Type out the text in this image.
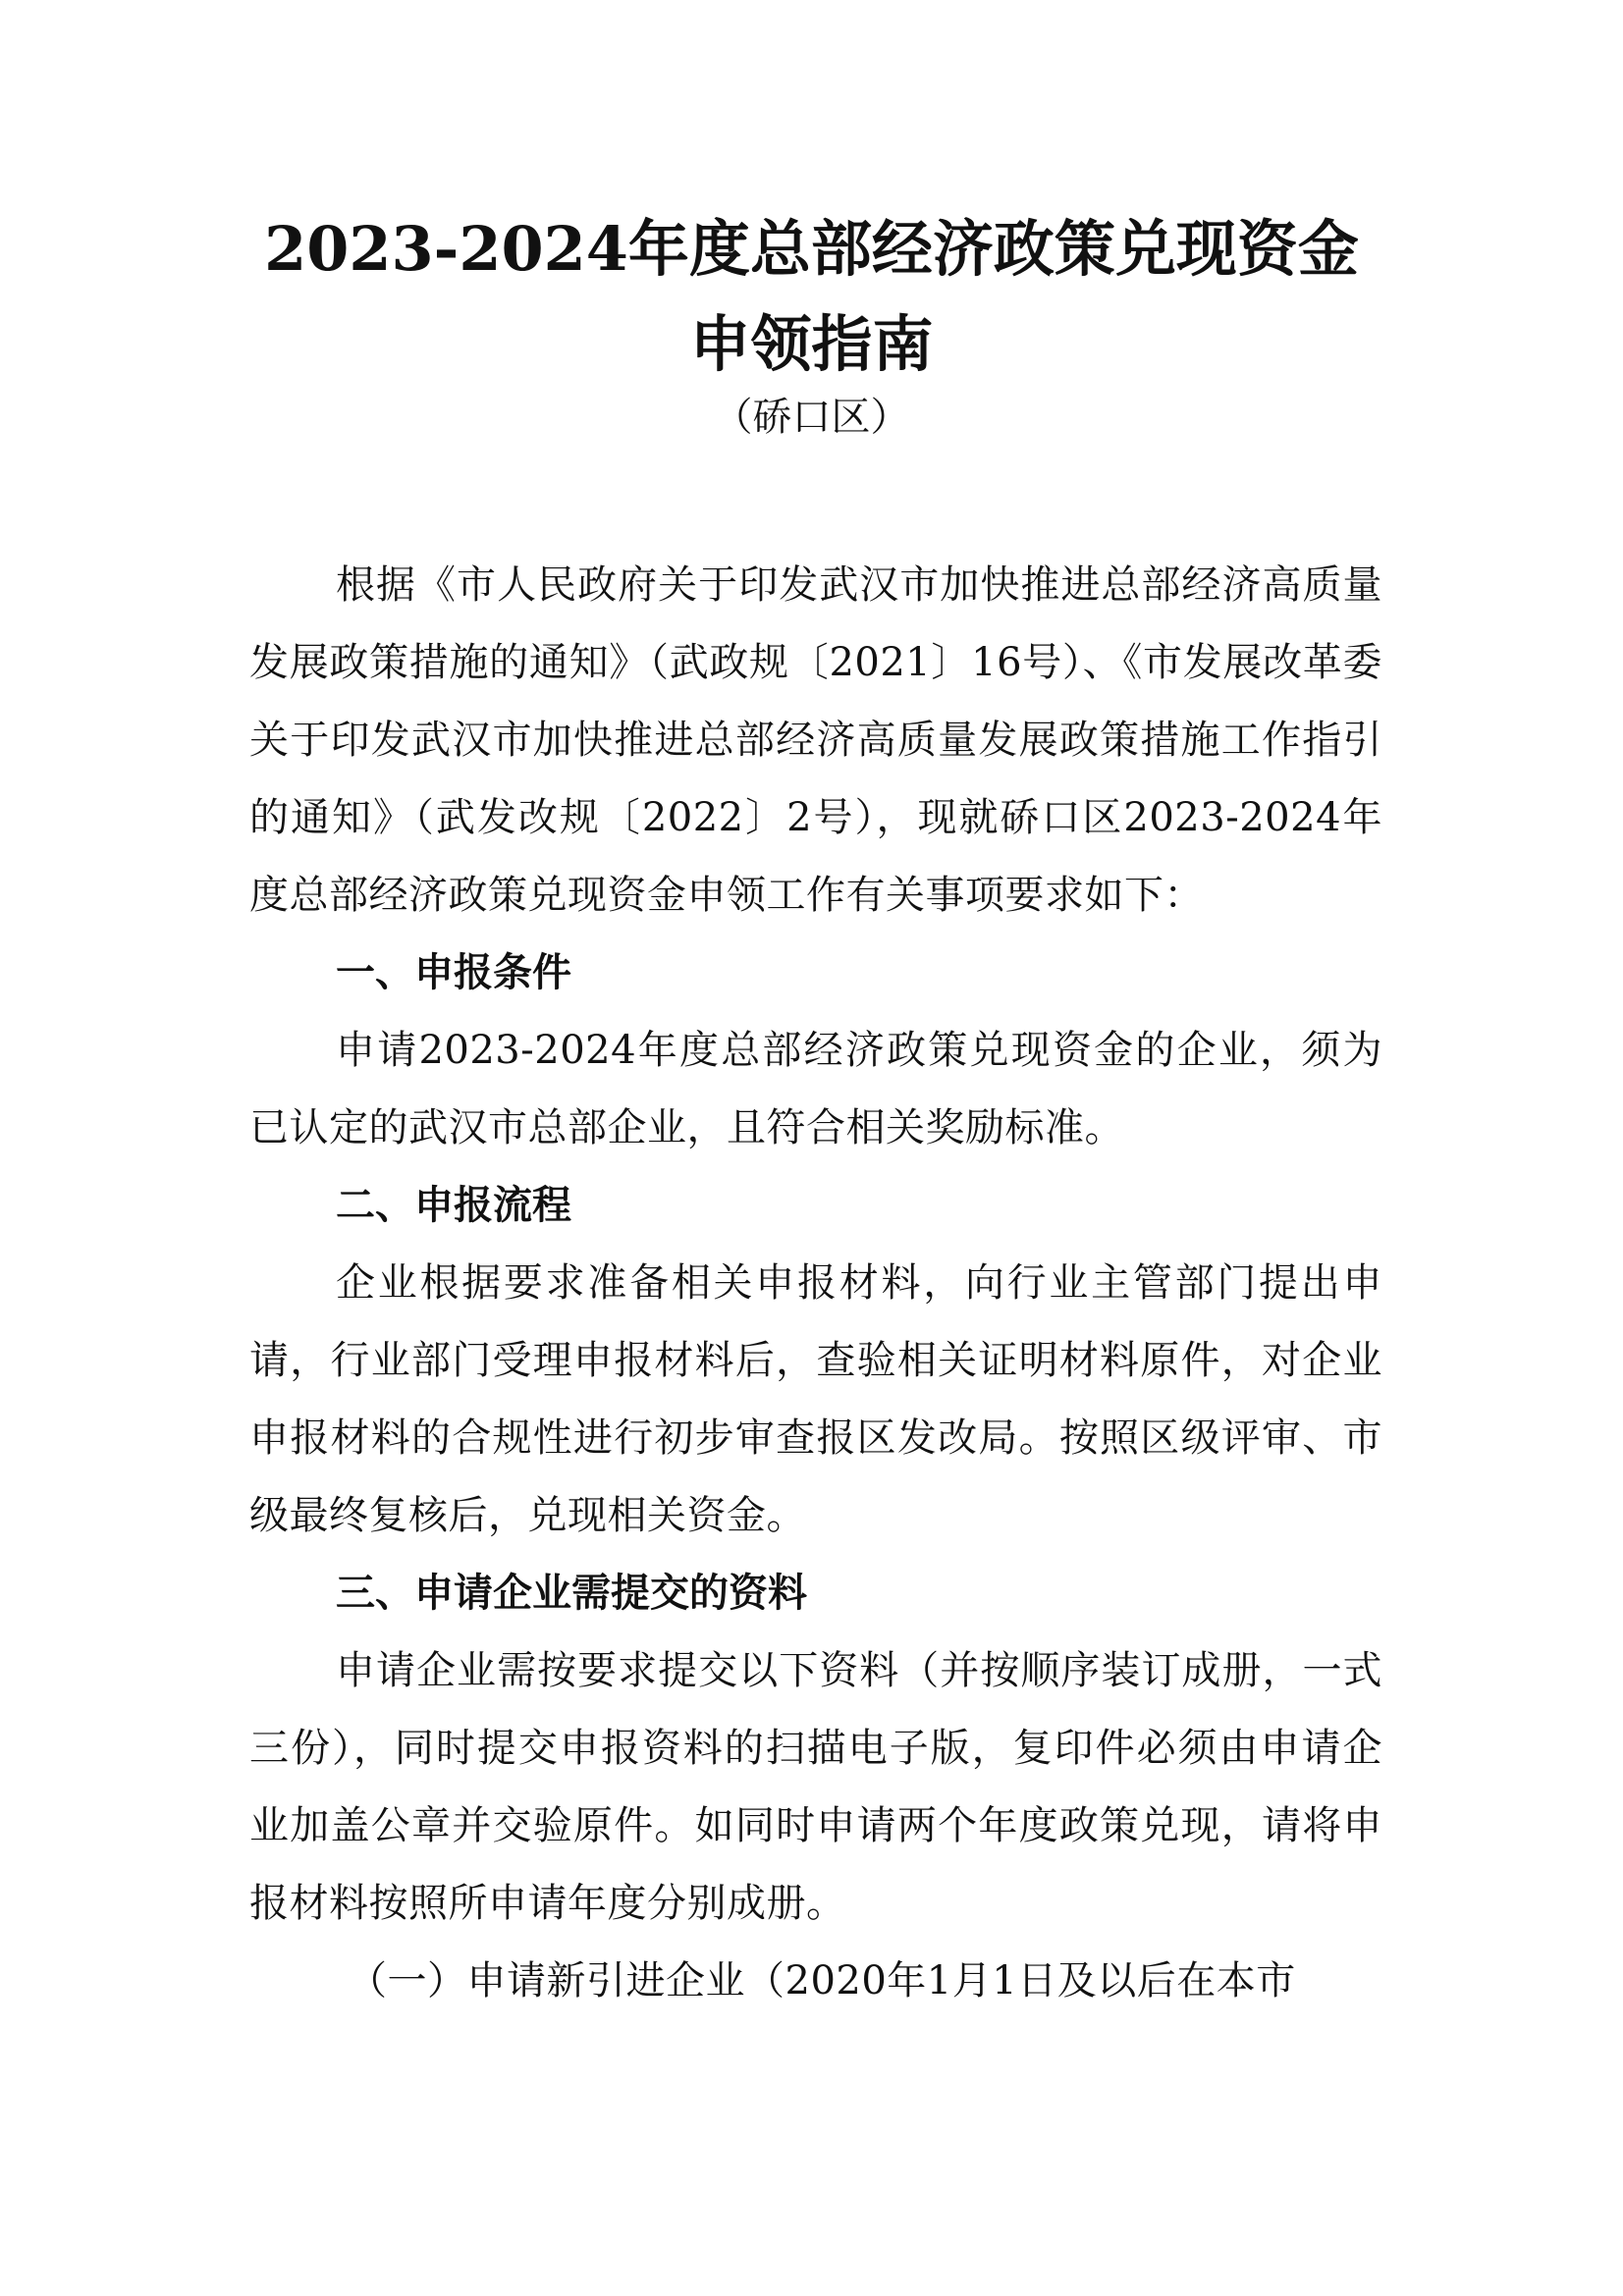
2023-2024年度总部经济政策兑现资金申领指南

（硚口区）

根据《市人民政府关于印发武汉市加快推进总部经济高质量发展政策措施的通知》（武政规〔2021〕16号）、《市发展改革委关于印发武汉市加快推进总部经济高质量发展政策措施工作指引的通知》（武发改规〔2022〕2号），现就硚口区2023-2024年度总部经济政策兑现资金申领工作有关事项要求如下：

一、申报条件

申请2023-2024年度总部经济政策兑现资金的企业，须为已认定的武汉市总部企业，且符合相关奖励标准。

二、申报流程

企业根据要求准备相关申报材料，向行业主管部门提出申请，行业部门受理申报材料后，查验相关证明材料原件，对企业申报材料的合规性进行初步审查报区发改局。按照区级评审、市级最终复核后，兑现相关资金。

三、申请企业需提交的资料

申请企业需按要求提交以下资料（并按顺序装订成册，一式三份），同时提交申报资料的扫描电子版，复印件必须由申请企业加盖公章并交验原件。如同时申请两个年度政策兑现，请将申报材料按照所申请年度分别成册。

（一）申请新引进企业（2020年1月1日及以后在本市
